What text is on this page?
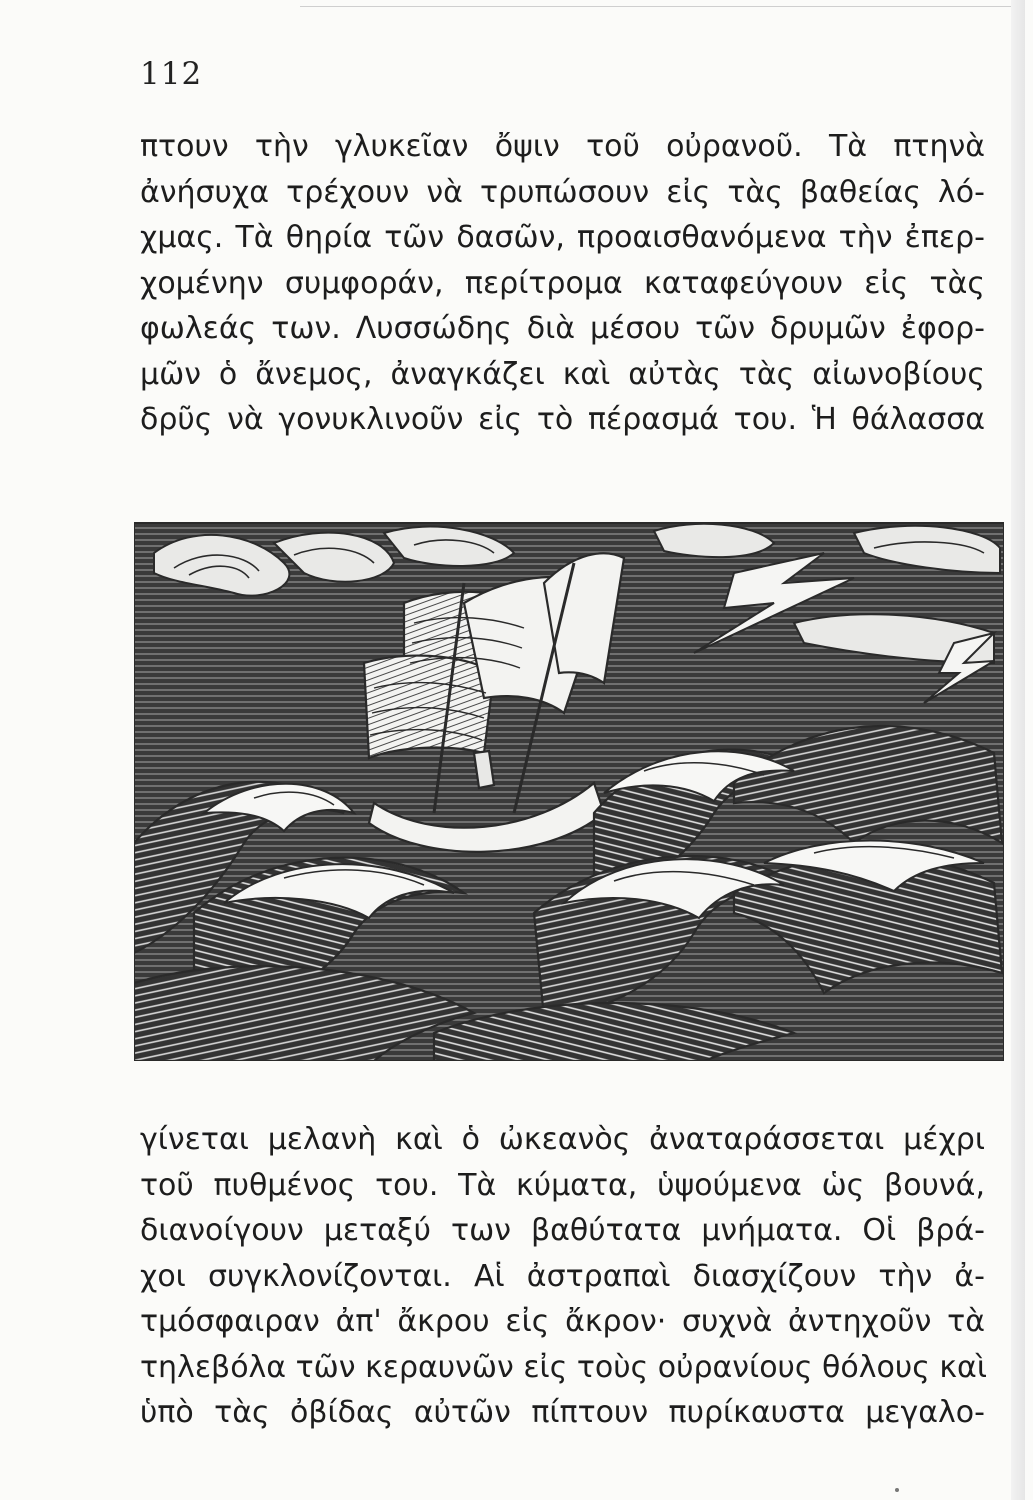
112
πτουν τὴν γλυκεῖαν ὄψιν τοῦ οὐρανοῦ. Τὰ πτηνὰ
ἀνήσυχα τρέχουν νὰ τρυπώσουν εἰς τὰς βαθείας λό-
χμας. Τὰ θηρία τῶν δασῶν, προαισθανόμενα τὴν ἐπερ-
χομένην συμφοράν, περίτρομα καταφεύγουν εἰς τὰς
φωλεάς των. Λυσσώδης διὰ μέσου τῶν δρυμῶν ἐφορ-
μῶν ὁ ἄνεμος, ἀναγκάζει καὶ αὐτὰς τὰς αἰωνοβίους
δρῦς νὰ γονυκλινοῦν εἰς τὸ πέρασμά του. Ἡ θάλασσα
γίνεται μελανὴ καὶ ὁ ὠκεανὸς ἀναταράσσεται μέχρι
τοῦ πυθμένος του. Τὰ κύματα, ὑψούμενα ὡς βουνά,
διανοίγουν μεταξύ των βαθύτατα μνήματα. Οἱ βρά-
χοι συγκλονίζονται. Αἱ ἀστραπαὶ διασχίζουν τὴν ἀ-
τμόσφαιραν ἀπ' ἄκρου εἰς ἄκρον· συχνὰ ἀντηχοῦν τὰ
τηλεβόλα τῶν κεραυνῶν εἰς τοὺς οὐρανίους θόλους καὶ
ὑπὸ τὰς ὀβίδας αὐτῶν πίπτουν πυρίκαυστα μεγαλο-
